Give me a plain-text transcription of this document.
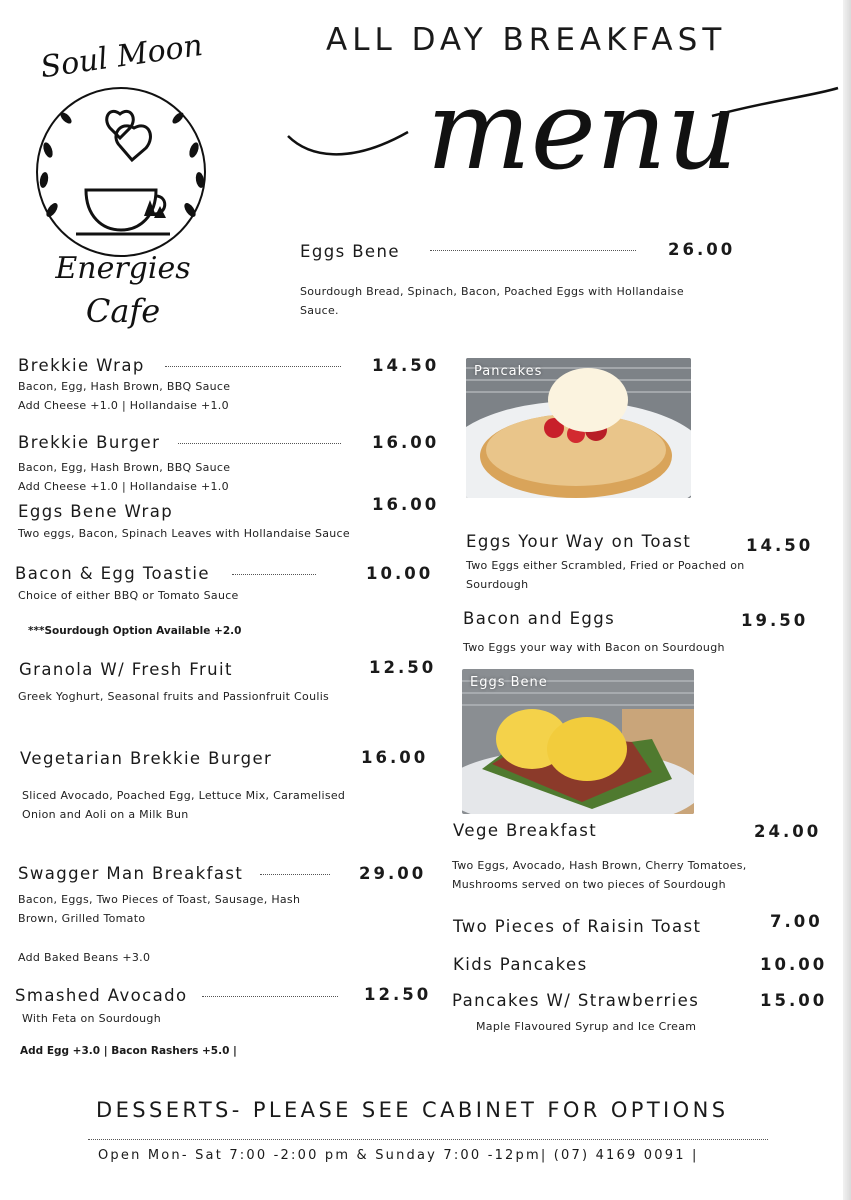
Soul Moon
Energies
Cafe
ALL DAY BREAKFAST
menu
Eggs Bene	26.00
Sourdough Bread, Spinach, Bacon, Poached Eggs with Hollandaise
Sauce.
Brekkie Wrap	14.50
Bacon, Egg, Hash Brown, BBQ Sauce
Add Cheese +1.0 | Hollandaise +1.0
Brekkie Burger	16.00
Bacon, Egg, Hash Brown, BBQ Sauce
Add Cheese +1.0 | Hollandaise +1.0
Eggs Bene Wrap	16.00
Two eggs, Bacon, Spinach Leaves with Hollandaise Sauce
Bacon & Egg Toastie	10.00
Choice of either BBQ or Tomato Sauce
***Sourdough Option Available +2.0
Granola W/ Fresh Fruit	12.50
Greek Yoghurt, Seasonal fruits and Passionfruit Coulis
Vegetarian Brekkie Burger	16.00
Sliced Avocado, Poached Egg, Lettuce Mix, Caramelised
Onion and Aoli on a Milk Bun
Swagger Man Breakfast	29.00
Bacon, Eggs, Two Pieces of Toast, Sausage, Hash
Brown, Grilled Tomato
Add Baked Beans +3.0
Smashed Avocado	12.50
With Feta on Sourdough
Add Egg +3.0 | Bacon Rashers +5.0 |
Pancakes
Eggs Bene
Eggs Your Way on Toast	14.50
Two Eggs either Scrambled, Fried or Poached on
Sourdough
Bacon and Eggs	19.50
Two Eggs your way with Bacon on Sourdough
Vege Breakfast	24.00
Two Eggs, Avocado, Hash Brown, Cherry Tomatoes,
Mushrooms served on two pieces of Sourdough
Two Pieces of Raisin Toast	7.00
Kids Pancakes	10.00
Pancakes W/ Strawberries	15.00
Maple Flavoured Syrup and Ice Cream
DESSERTS- PLEASE SEE CABINET FOR OPTIONS
Open Mon- Sat 7:00 -2:00 pm & Sunday 7:00 -12pm| (07) 4169 0091 |
